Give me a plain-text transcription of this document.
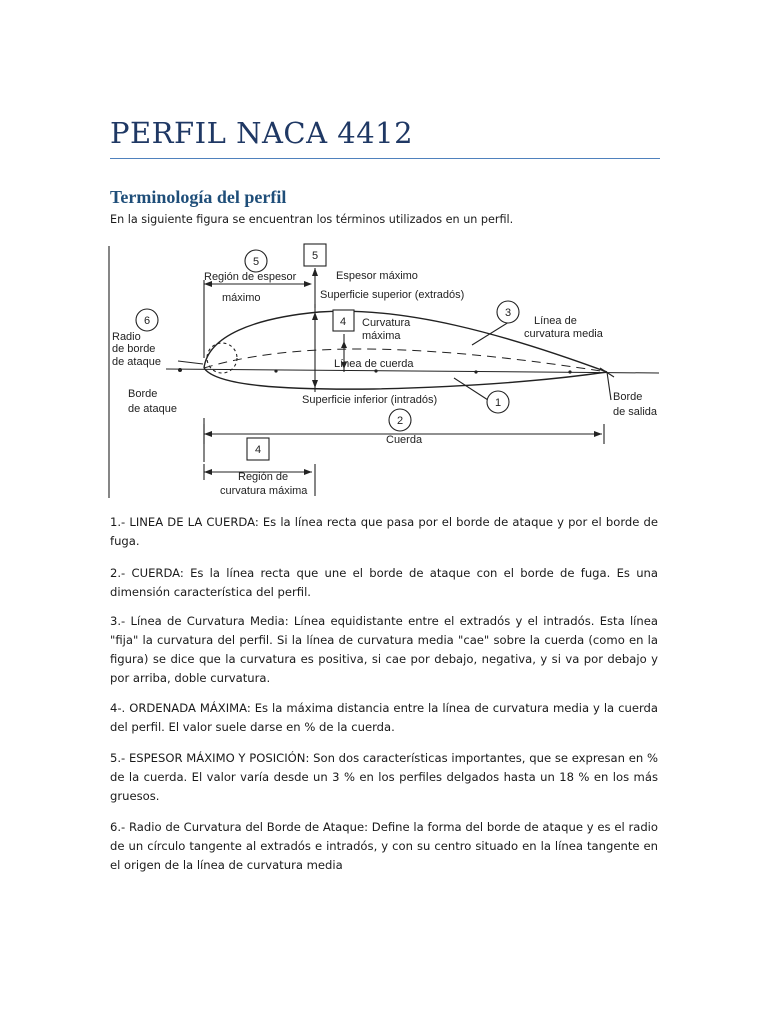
PERFIL NACA 4412
Terminología del perfil
En la siguiente figura se encuentran los términos utilizados en un perfil.
5	5
6	4
3
1
2
4
Región de espesor
máximo
Espesor máximo
Superficie superior (extradós)
Curvatura
máxima
Línea de
curvatura media
Radio
de borde
de ataque	Línea de cuerda
Borde
de ataque
Superficie inferior (intradós)	Borde
de salida
Cuerda
Región de
curvatura máxima
1.- LINEA DE LA CUERDA: Es la línea recta que pasa por el borde de ataque y por el borde de fuga.
2.- CUERDA: Es la línea recta que une el borde de ataque con el borde de fuga. Es una dimensión característica del perfil.
3.- Línea de Curvatura Media: Línea equidistante entre el extradós y el intradós. Esta línea "fija" la curvatura del perfil. Si la línea de curvatura media "cae" sobre la cuerda (como en la figura) se dice que la curvatura es positiva, si cae por debajo, negativa, y si va por debajo y por arriba, doble curvatura.
4-. ORDENADA MÁXIMA: Es la máxima distancia entre la línea de curvatura media y la cuerda del perfil. El valor suele darse en % de la cuerda.
5.- ESPESOR MÁXIMO Y POSICIÓN: Son dos características importantes, que se expresan en % de la cuerda. El valor varía desde un 3 % en los perfiles delgados hasta un 18 % en los más gruesos.
6.- Radio de Curvatura del Borde de Ataque: Define la forma del borde de ataque y es el radio de un círculo tangente al extradós e intradós, y con su centro situado en la línea tangente en el origen de la línea de curvatura media
